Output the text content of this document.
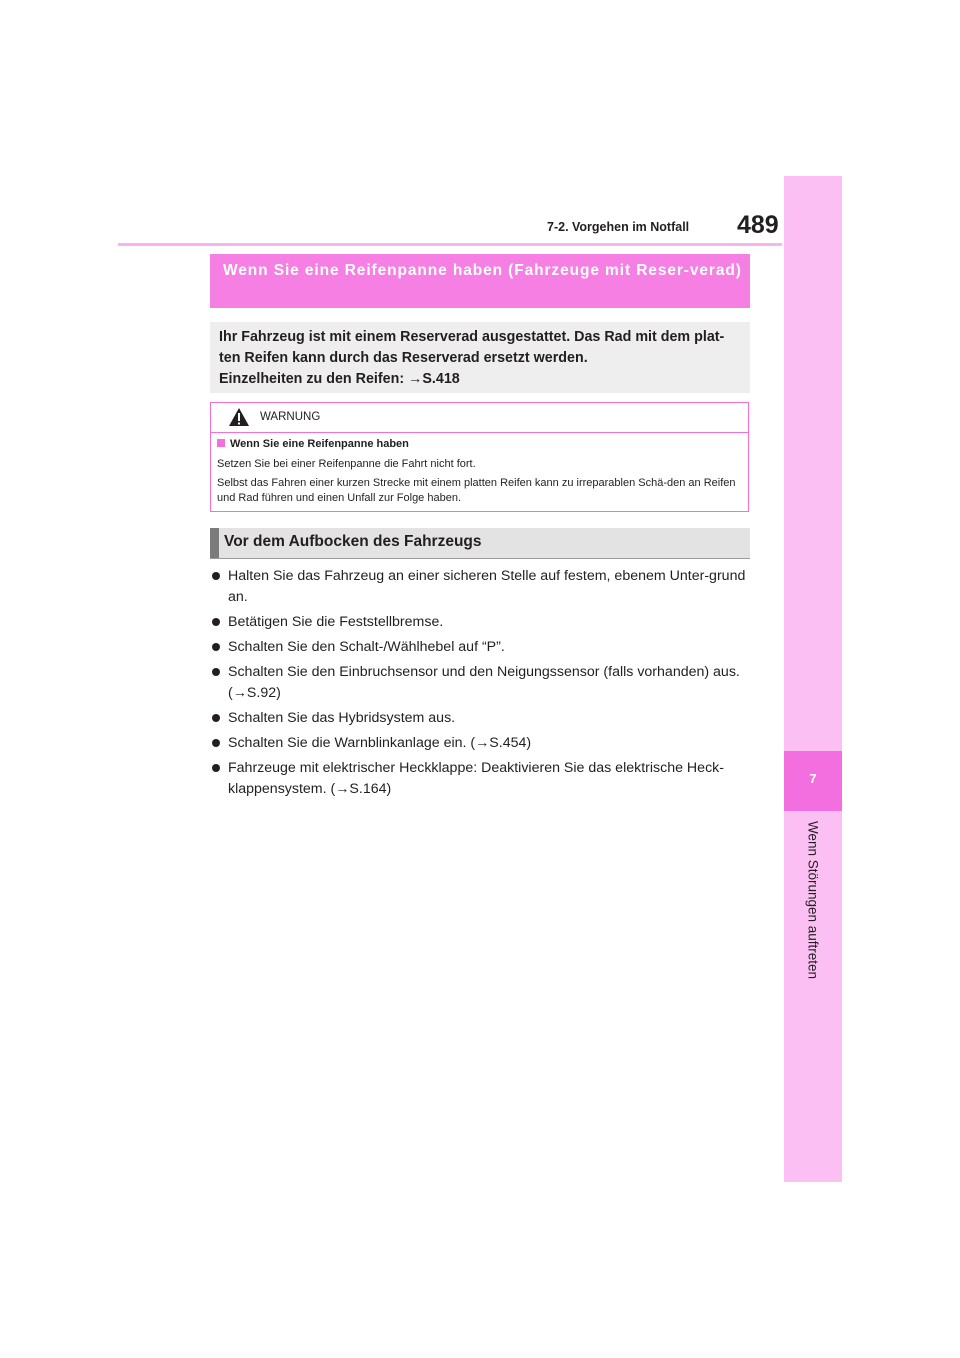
7
Wenn Störungen auftreten
7-2. Vorgehen im Notfall 489
Wenn Sie eine Reifenpanne haben (Fahrzeuge mit Reser-verad)

Ihr Fahrzeug ist mit einem Reserverad ausgestattet. Das Rad mit dem plat-

ten Reifen kann durch das Reserverad ersetzt werden.

Einzelheiten zu den Reifen: →S.418

WARNUNG
Wenn Sie eine Reifenpanne haben
Setzen Sie bei einer Reifenpanne die Fahrt nicht fort.
Selbst das Fahren einer kurzen Strecke mit einem platten Reifen kann zu irreparablen Schä-den an Reifen und Rad führen und einen Unfall zur Folge haben.
Vor dem Aufbocken des Fahrzeugs
Halten Sie das Fahrzeug an einer sicheren Stelle auf festem, ebenem Unter-grund an.
Betätigen Sie die Feststellbremse.
Schalten Sie den Schalt-/Wählhebel auf “P”.
Schalten Sie den Einbruchsensor und den Neigungssensor (falls vorhanden) aus. (→S.92)
Schalten Sie das Hybridsystem aus.
Schalten Sie die Warnblinkanlage ein. (→S.454)
Fahrzeuge mit elektrischer Heckklappe: Deaktivieren Sie das elektrische Heck-klappensystem. (→S.164)
